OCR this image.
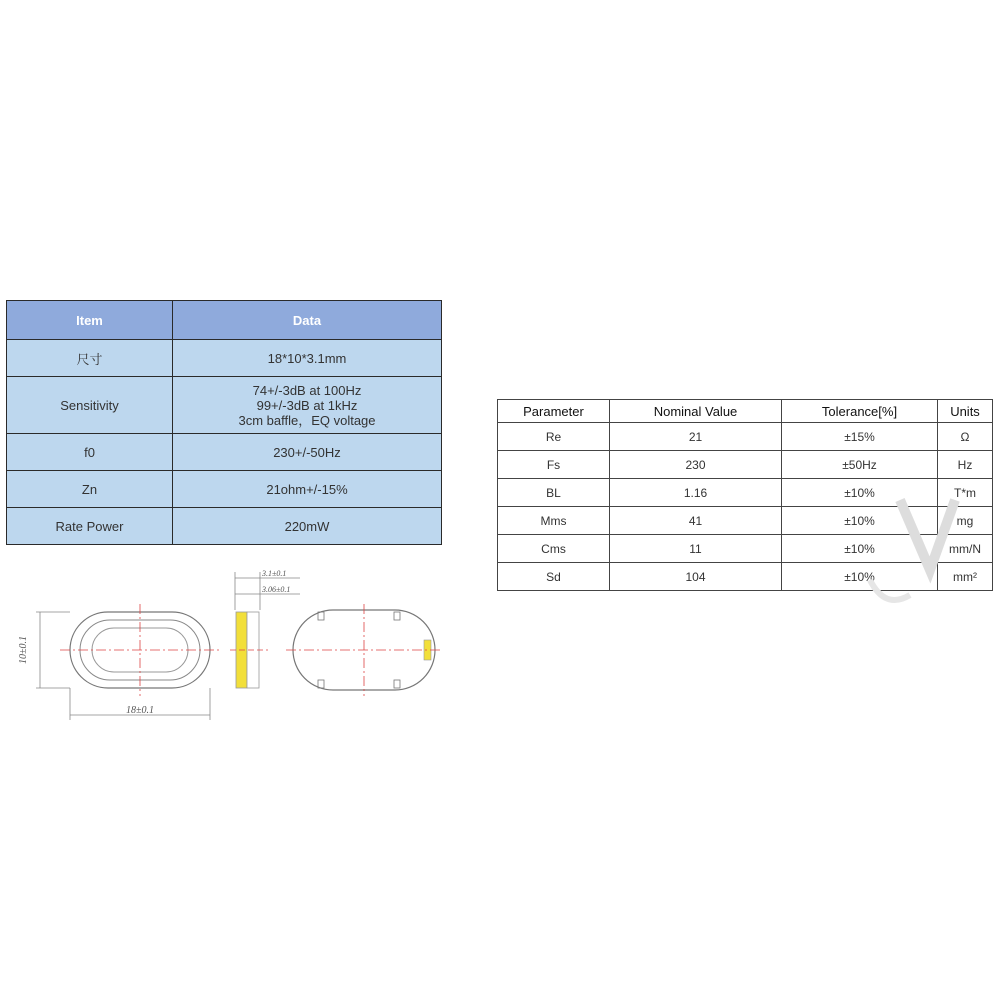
Item	Data
尺寸	18*10*3.1mm
Sensitivity	74+/-3dB at 100Hz
99+/-3dB at 1kHz
3cm baffle，EQ voltage

f0	230+/-50Hz
Zn	21ohm+/-15%
Rate Power	220mW
Parameter	Nominal Value	Tolerance[%]	Units
Re	21	±15%	Ω
Fs	230	±50Hz	Hz
BL	1.16	±10%	T*m
Mms	41	±10%	mg
Cms	11	±10%	mm/N
Sd	104	±10%	mm²
10±0.1
18±0.1
3.1±0.1
3.06±0.1
